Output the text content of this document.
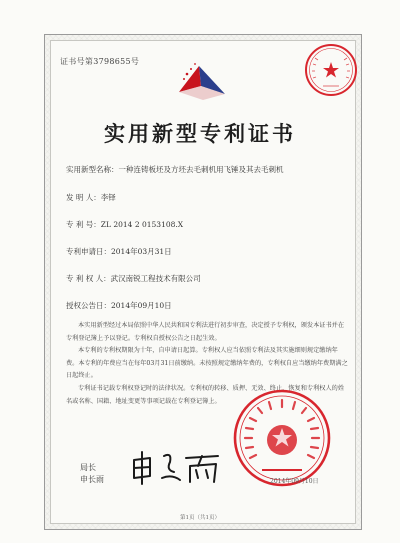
证书号第3798655号
实用新型专利证书
实用新型名称：一种连铸板坯及方坯去毛刺机用飞锤及其去毛刺机
发 明 人：李铎
专 利 号：ZL 2014 2 0153108.X
专利申请日：2014年03月31日
专 利 权 人：武汉南锐工程技术有限公司
授权公告日：2014年09月10日
本实用新型经过本局依照中华人民共和国专利法进行初步审查，决定授予专利权，颁发本证书并在专利登记簿上予以登记。专利权自授权公告之日起生效。
本专利的专利权期限为十年，自申请日起算。专利权人应当依照专利法及其实施细则规定缴纳年费。本专利的年费应当在每年03月31日前缴纳。未按照规定缴纳年费的，专利权自应当缴纳年费期满之日起终止。
专利证书记载专利权登记时的法律状况。专利权的转移、质押、无效、终止、恢复和专利权人的姓名或名称、国籍、地址变更等事项记载在专利登记簿上。
2014年09月10日
局长
申长雨
第1页（共1页）
